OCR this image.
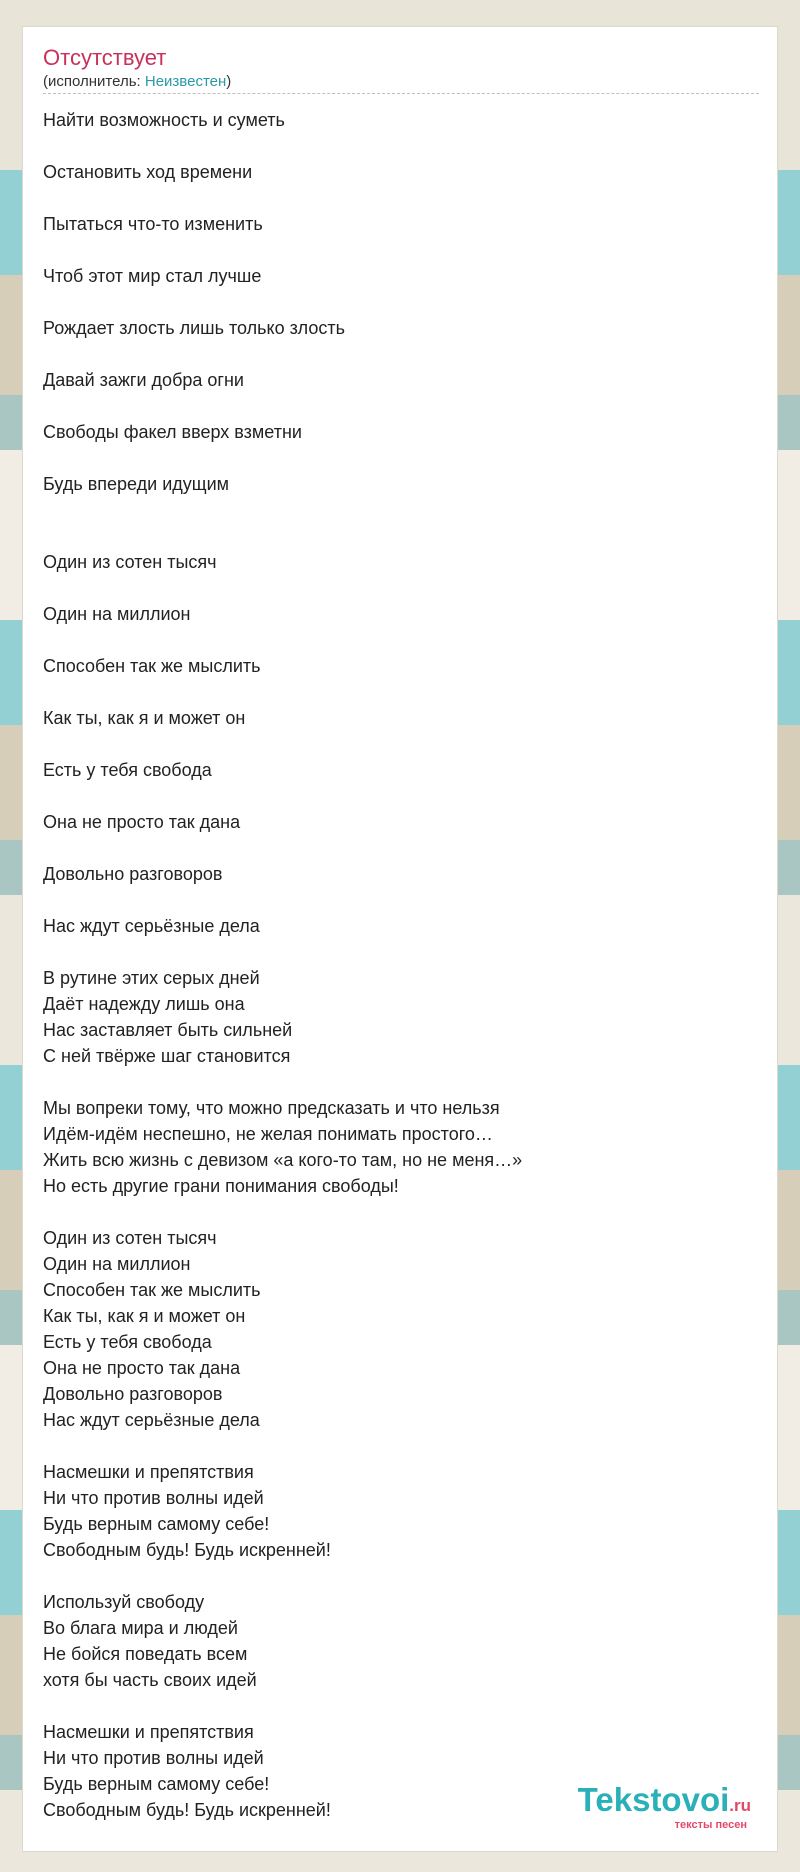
Отсутствует
(исполнитель: Неизвестен)
Найти возможность и суметь
Остановить ход времени
Пытаться что-то изменить
Чтоб этот мир стал лучше
Рождает злость лишь только злость
Давай зажги добра огни
Свободы факел вверх взметни
Будь впереди идущим
Один из сотен тысяч
Один на миллион
Способен так же мыслить
Как ты, как я и может он
Есть у тебя свобода
Она не просто так дана
Довольно разговоров
Нас ждут серьёзные дела
В рутине этих серых дней
Даёт надежду лишь она
Нас заставляет быть сильней
С ней твёрже шаг становится
Мы вопреки тому, что можно предсказать и что нельзя
Идём-идём неспешно, не желая понимать простого…
Жить всю жизнь с девизом «а кого-то там, но не меня…»
Но есть другие грани понимания свободы!
Один из сотен тысяч
Один на миллион
Способен так же мыслить
Как ты, как я и может он
Есть у тебя свобода
Она не просто так дана
Довольно разговоров
Нас ждут серьёзные дела
Насмешки и препятствия
Ни что против волны идей
Будь верным самому себе!
Свободным будь! Будь искренней!
Используй свободу
Во блага мира и людей
Не бойся поведать всем
хотя бы часть своих идей
Насмешки и препятствия
Ни что против волны идей
Будь верным самому себе!
Свободным будь! Будь искренней!	Tekstovoi.ru
тексты песен
